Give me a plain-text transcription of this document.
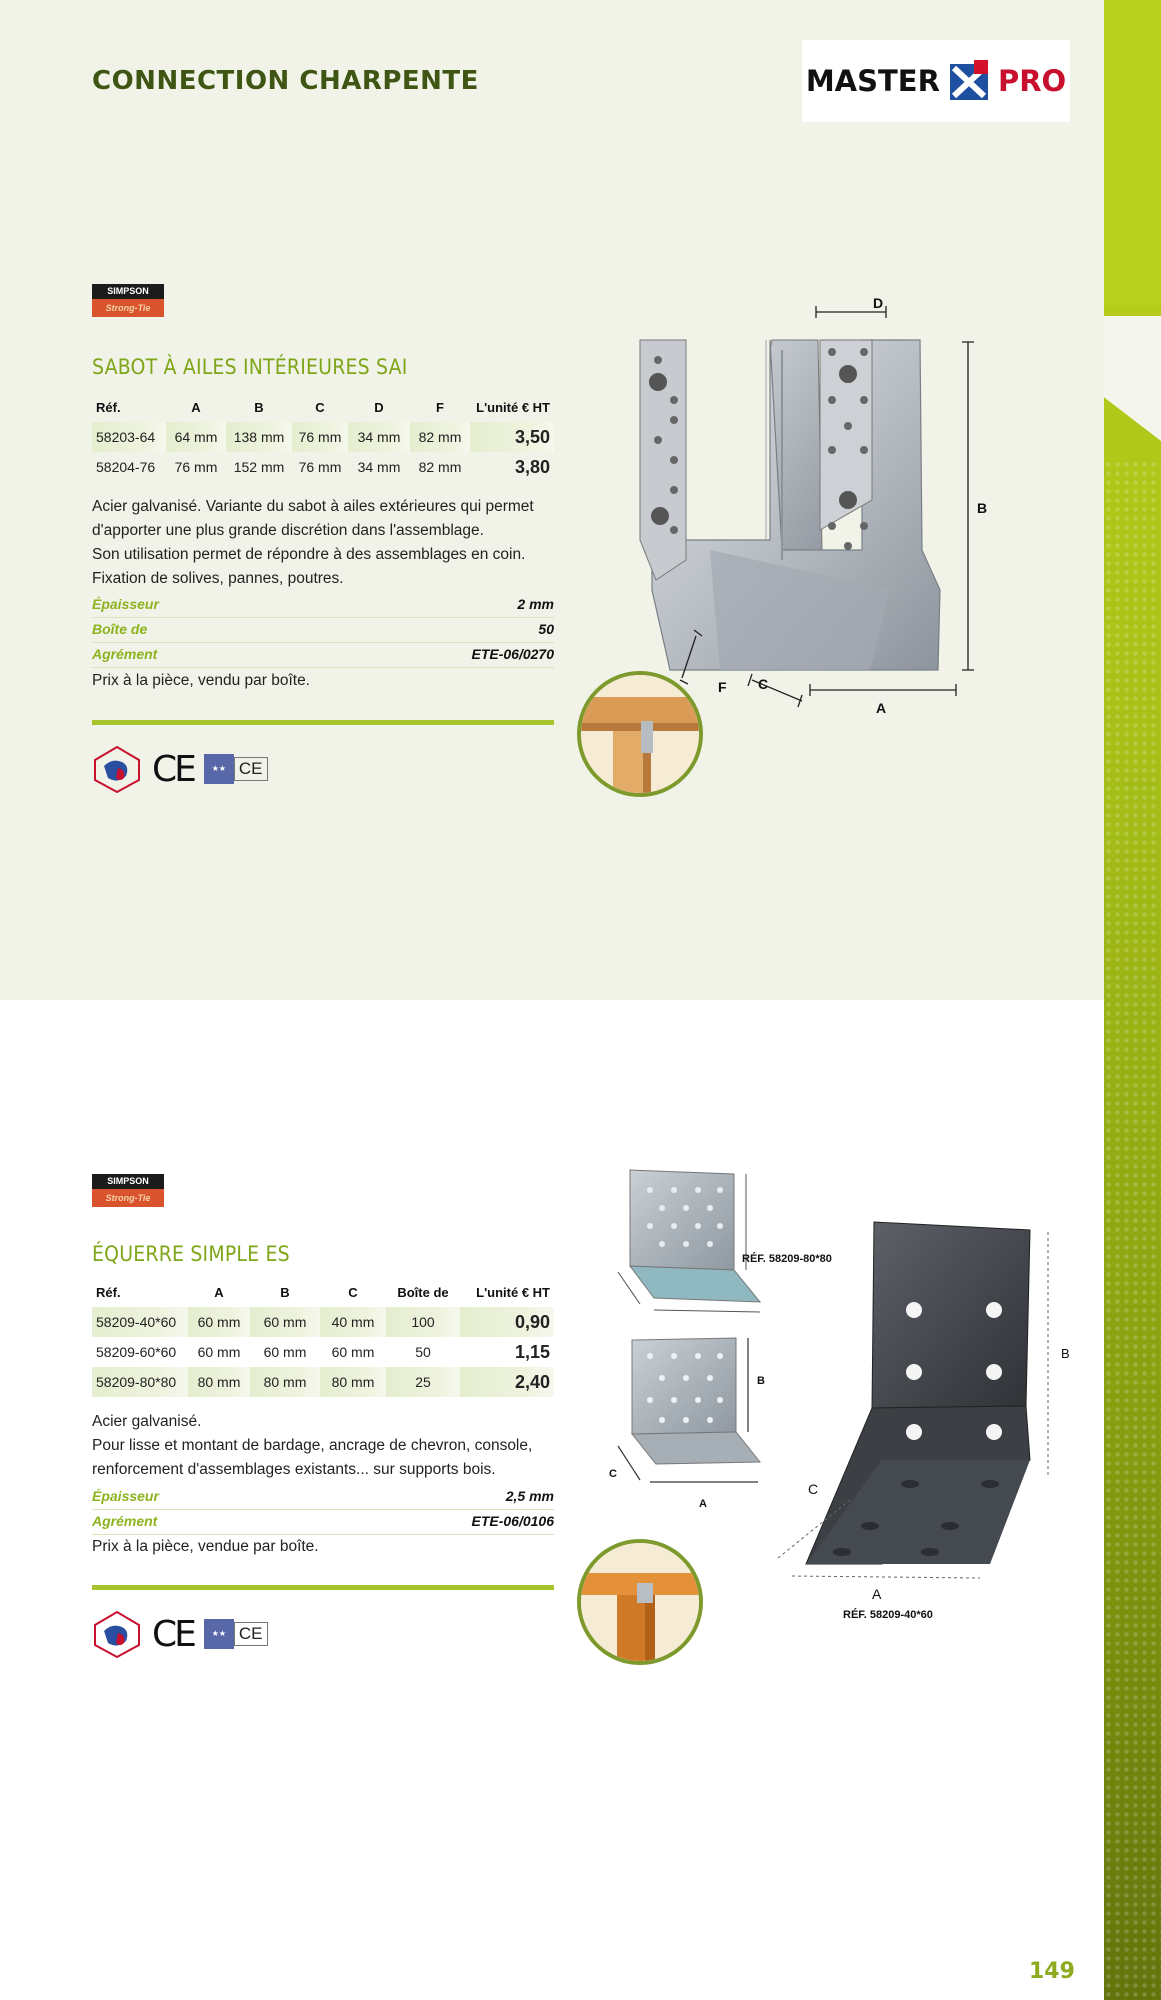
CONNECTION CHARPENTE	MASTER PRO
SIMPSON
Strong-Tie
SABOT À AILES INTÉRIEURES SAI
Réf.	A	B	C	D	F	L'unité € HT
58203-64	64 mm	138 mm	76 mm	34 mm	82 mm	3,50
58204-76	76 mm	152 mm	76 mm	34 mm	82 mm	3,80
Acier galvanisé. Variante du sabot à ailes extérieures qui permet
d'apporter une plus grande discrétion dans l'assemblage.
Son utilisation permet de répondre à des assemblages en coin.
Fixation de solives, pannes, poutres.
Épaisseur	2 mm
Boîte de	50
Agrément	ETE-06/0270
Prix à la pièce, vendu par boîte.
CE	★★ CE
D
B
F C
A
SIMPSON
Strong-Tie
ÉQUERRE SIMPLE ES
Réf.	A	B	C	Boîte de	L'unité € HT
58209-40*60	60 mm	60 mm	40 mm	100	0,90
58209-60*60	60 mm	60 mm	60 mm	50	1,15
58209-80*80	80 mm	80 mm	80 mm	25	2,40
Acier galvanisé.
Pour lisse et montant de bardage, ancrage de chevron, console,
renforcement d'assemblages existants... sur supports bois.
Épaisseur	2,5 mm
Agrément	ETE-06/0106
Prix à la pièce, vendue par boîte.
CE	★★ CE
RÉF. 58209-80*80
RÉF. 58209-40*60
B
C
A
B
C
A
149
